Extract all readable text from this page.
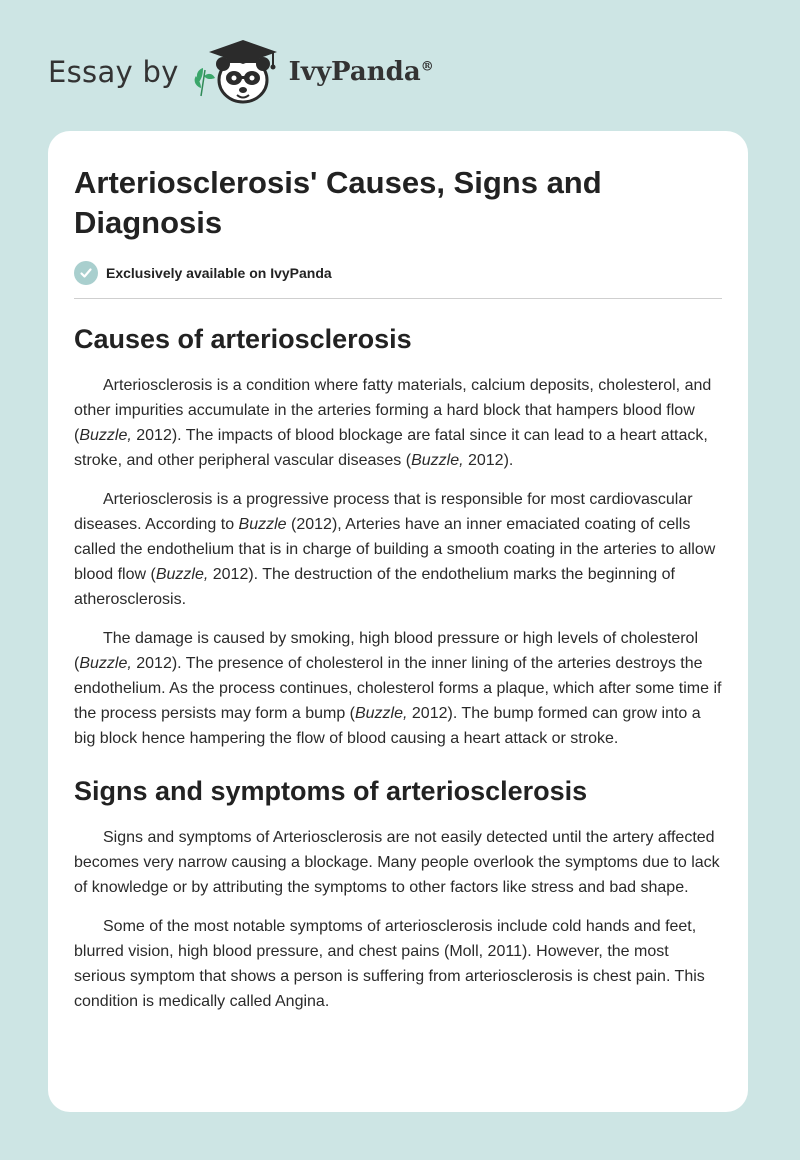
Essay by	IvyPanda®
Arteriosclerosis' Causes, Signs and Diagnosis
Exclusively available on IvyPanda
Causes of arteriosclerosis

Arteriosclerosis is a condition where fatty materials, calcium deposits, cholesterol, and other impurities accumulate in the arteries forming a hard block that hampers blood flow (Buzzle, 2012). The impacts of blood blockage are fatal since it can lead to a heart attack, stroke, and other peripheral vascular diseases (Buzzle, 2012).

Arteriosclerosis is a progressive process that is responsible for most cardiovascular diseases. According to Buzzle (2012), Arteries have an inner emaciated coating of cells called the endothelium that is in charge of building a smooth coating in the arteries to allow blood flow (Buzzle, 2012). The destruction of the endothelium marks the beginning of atherosclerosis.

The damage is caused by smoking, high blood pressure or high levels of cholesterol (Buzzle, 2012). The presence of cholesterol in the inner lining of the arteries destroys the endothelium. As the process continues, cholesterol forms a plaque, which after some time if the process persists may form a bump (Buzzle, 2012). The bump formed can grow into a big block hence hampering the flow of blood causing a heart attack or stroke.

Signs and symptoms of arteriosclerosis

Signs and symptoms of Arteriosclerosis are not easily detected until the artery affected becomes very narrow causing a blockage. Many people overlook the symptoms due to lack of knowledge or by attributing the symptoms to other factors like stress and bad shape.

Some of the most notable symptoms of arteriosclerosis include cold hands and feet, blurred vision, high blood pressure, and chest pains (Moll, 2011). However, the most serious symptom that shows a person is suffering from arteriosclerosis is chest pain. This condition is medically called Angina.
